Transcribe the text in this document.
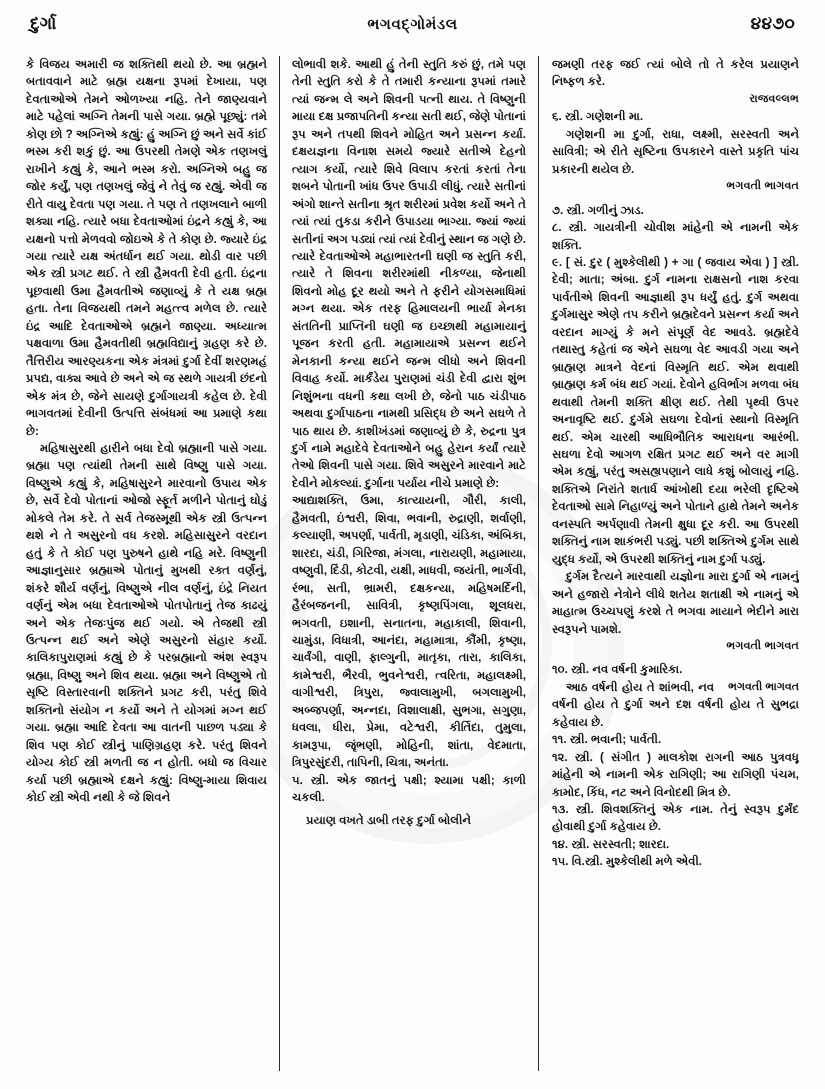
દુર્ગા	ભગવદ્ગોમંડલ	૪૪૭૦

કે વિજય અમારી જ શક્તિથી થયો છે. આ બ્રહ્મને બતાવવાને માટે બ્રહ્મ યક્ષના રૂપમાં દેખાયા, પણ દેવતાઓએ તેમને ઓળખ્યા નહિ. તેને જાણ્યવાને માટે પહેલાં અગ્નિ તેમની પાસે ગયા. બ્રહ્મે પૂછ્યું: તમે કોણ છો ? અગ્નિએ કહ્યું: હું અગ્નિ છું અને સર્વે કાંઈ ભસ્મ કરી શકું છું. આ ઉપરથી તેમણે એક તણખલું રાખીને કહ્યું કે, આને ભસ્મ કરો. અગ્નિએ બહુ જ જોર કર્યું, પણ તણખલું જેવું ને તેવું જ રહ્યું. એવી જ રીતે વાયુ દેવતા પણ ગયા. તે પણ તે તણખલાને બાળી શક્યા નહિ. ત્યારે બધા દેવતાઓમાં ઇંદ્રને કહ્યું કે, આ યક્ષનો પત્તો મેળવવો જોઇએ કે તે કોણ છે. જ્યારે ઇંદ્ર ગયા ત્યારે યક્ષ અંતર્ધાન થઈ ગયા. થોડી વાર પછી એક સ્ત્રી પ્રગટ થઈ. તે સ્ત્રી હૈમવતી દેવી હતી. ઇંદ્રના પૂછવાથી ઉમા હૈમવતીએ જણાવ્યું કે તે યક્ષ બ્રહ્મ હતા. તેના વિજયથી તમને મહત્ત્વ મળેલ છે. ત્યારે ઇંદ્ર આદિ દેવતાઓએ બ્રહ્મને જાણ્યા. અધ્યાત્મ પક્ષવાળા ઉમા હૈમવતીથી બ્રહ્મવિદ્યાનું ગ્રહણ કરે છે. તૈત્તિરીય આરણ્યકના એક મંત્રમાં દુર્ગા દેવીં શરણમહં પ્રપદ્ય, વાક્ય આવે છે અને એ જ સ્થળે ગાયત્રી છંદનો એક મંત્ર છે, જેને સાયણે દુર્ગાગાયત્રી કહેલ છે. દેવી ભાગવતમાં દેવીની ઉત્પત્તિ સંબંધમાં આ પ્રમાણે કથા છે:

મહિષાસુરથી હારીને બધા દેવો બ્રહ્માની પાસે ગયા. બ્રહ્મા પણ ત્યાંથી તેમની સાથે વિષ્ણુ પાસે ગયા. વિષ્ણુએ કહ્યું કે, મહિષાસુરને મારવાનો ઉપાય એક છે, સર્વે દેવો પોતાનાં ઓજો સ્ફૂર્ત મળીને પોતાનું ઘોડું મોકલે તેમ કરે. તે સર્વ તેજસ્મૂથી એક સ્ત્રી ઉત્પન્ન થશે ને તે અસુરનો વધ કરશે. મહિસાસુરને વરદાન હતું કે તે કોઈ પણ પુરુષને હાથે નહિ મરે. વિષ્ણુની આજ્ઞાનુસાર બ્રહ્માએ પોતાનું મુખથી રક્ત વર્ણનું, શંકરે શૌર્ય વર્ણનું, વિષ્ણુએ નીલ વર્ણનું, ઇંદ્રે નિયત વર્ણનું એમ બધા દેવતાઓએ પોતપોતાનું તેજ કાઢયું અને એક તેજઃપુંજ થઈ ગયો. એ તેજથી સ્ત્રી ઉત્પન્ન થઈ અને એણે અસુરનો સંહાર કર્યો. કાલિકાપુરાણમાં કહ્યું છે કે પરબ્રહ્માનો અંશ સ્વરૂપ બ્રહ્મા, વિષ્ણુ અને શિવ થયા. બ્રહ્મા અને વિષ્ણુએ તો સૃષ્ટિ વિસ્તારવાની શક્તિને પ્રગટ કરી, પરંતુ શિવે શક્તિનો સંયોગ ન કર્યો અને તે યોગમાં મગ્ન થઈ ગયા. બ્રહ્મા આદિ દેવતા આ વાતની પાછળ પડ્યા કે શિવ પણ કોઈ સ્ત્રીનું પાણિગ્રહણ કરે. પરંતુ શિવને યોગ્ય કોઈ સ્ત્રી મળતી જ ન હોતી. બધો જ વિચાર કર્યા પછી બ્રહ્માએ દક્ષને કહ્યું: વિષ્ણુ-માયા શિવાય કોઈ સ્ત્રી એવી નથી કે જે શિવને

લોભાવી શકે. આથી હું તેની સ્તુતિ કરું છું, તમે પણ તેની સ્તુતિ કરો કે તે તમારી કન્યાના રૂપમાં તમારે ત્યાં જન્મ લે અને શિવની પત્ની થાય. તે વિષ્ણુની માયા દક્ષ પ્રજાપતિની કન્યા સતી થઈ, જેણે પોતાનાં રૂપ અને તપથી શિવને મોહિત અને પ્રસન્ન કર્યા. દક્ષયજ્ઞના વિનાશ સમયે જ્યારે સતીએ દેહનો ત્યાગ કર્યો, ત્યારે શિવે વિલાપ કરતાં કરતાં તેના શબને પોતાની ખાંધ ઉપર ઉપાડી લીધું. ત્યારે સતીનાં અંગો શાન્તે સતીના શ્રૃત શરીરમાં પ્રવેશ કર્યો અને તે ત્યાં ત્યાં તુકડા કરીને ઉપાડયા ભાગ્યા. જ્યાં જ્યાં સતીનાં અગ પડ્યાં ત્યાં ત્યાં દેવીનું સ્થાન જ ગણે છે. ત્યારે દેવતાઓએ મહાભારતની ઘણી જ સ્તુતિ કરી, ત્યારે તે શિવના શરીરમાંથી નીકળ્યા, જેનાથી શિવનો મોહ દૂર થયો અને તે ફરીને યોગસમાધિમાં મગ્ન થયા. એક તરફ હિમાલયની ભાર્યા મેનકા સંતતિની પ્રાપ્તિની ઘણી જ ઇચ્છાથી મહામાયાનું પૂજન કરતી હતી. મહામાયાએ પ્રસન્ન થઈને મેનકાની કન્યા થઈને જન્મ લીધો અને શિવની વિવાહ કર્યો. માર્કંડેય પુરાણમાં ચંડી દેવી દ્વારા શુંભ નિશુંભના વધની કથા લખી છે, જેનો પાઠ ચંડીપાઠ અથવા દુર્ગાપાઠના નામથી પ્રસિદ્ધ છે અને સઘળે તે પાઠ થાય છે. કાશીખંડમાં જણાવ્યું છે કે, રુદ્રના પુત્ર દુર્ગ નામે મહાદેવે દેવતાઓને બહુ હેરાન કર્યાં ત્યારે તેઓ શિવની પાસે ગયા. શિવે અસુરને મારવાને માટે દેવીને મોકલ્યાં. દુર્ગાના પર્યાય નીચે પ્રમાણે છે:

આદ્યાશક્તિ, ઉમા, કાત્યાયની, ગૌરી, કાલી, હૈમવતી, ઇંશ્વરી, શિવા, ભવાની, રુદ્રાણી, શર્વાણી, કલ્યાણી, અપર્ણા, પાર્વતી, મૃડાણી, ચંડિકા, અંબિકા, શારદા, ચંડી, ગિરિજા, મંગલા, નારાયણી, મહામાયા, વષ્ણુવી, દિંડી, કોટવી, યક્ષી, માધવી, જયંતી, ભાર્ગવી, રંભા, સતી, ભ્રામરી, દક્ષકન્યા, મહિષમર્દિની, હૈરંબજનની, સાવિત્રી, કૃષ્ણપિંગલા, શૂલધરા, ભગવતી, ઇશાની, સનાતના, મહાકાલી, શિવાની, ચામુંડા, વિધાત્રી, આનંદા, મહામાત્રા, કૌંમી, કૃષ્ણા, ચાર્વંગી, વાણી, ફાલ્ગુની, માતૃકા, તારા, કાલિકા, કામેશ્વરી, ભૈરવી, ભુવનેશ્વરી, ત્વરિતા, મહાલક્ષ્મી, વાગીશ્વરી, ત્રિપુરા, જ્વાલામુખી, બગલામુખી, અબ્જપર્ણા, અન્નદા, વિશાલાક્ષી, સુભગા, સગુણા, ધવલા, ધીરા, પ્રેમા, વટેશ્વરી, કીર્તિદા, તુમુલા, કામરૂપા, જૃંભણી, મોહિની, શાંતા, વેદમાતા, ત્રિપુરસુંદરી, તાપિની, ચિત્રા, અનંતા.

૫. સ્ત્રી. એક જાતનું પક્ષી; શ્યામા પક્ષી; કાળી ચકલી.

પ્રયાણ વખતે ડાબી તરફ દુર્ગા બોલીને

જમણી તરફ જઈ ત્યાં બોલે તો તે કરેલ પ્રયાણને નિષ્ફળ કરે.

રાજવલ્લભ

૬. સ્ત્રી. ગણેશની મા.

ગણેશની મા દુર્ગા, રાધા, લક્ષ્મી, સરસ્વતી અને સાવિત્રી; એ રીતે સૃષ્ટિના ઉપકારને વાસ્તે પ્રકૃતિ પાંચ પ્રકારની થયેલ છે.

ભગવતી ભાગવત

૭. સ્ત્રી. ગળીનું ઝાડ.

૮. સ્ત્રી. ગાયત્રીની ચોવીશ માંહેની એ નામની એક શક્તિ.

૯. [ સં. દુર ( મુશ્કેલીથી ) + ગા ( જવાય એવા ) ] સ્ત્રી. દેવી; માતા; અંબા. દુર્ગ નામના રાક્ષસનો નાશ કરવા પાર્વતીએ શિવની આજ્ઞાથી રૂપ ધર્યું હતું. દુર્ગ અથવા દુર્ગમાસુર એણે તપ કરીને બ્રહ્મદેવને પ્રસન્ન કર્યા અને વરદાન માગ્યું કે મને સંપૂર્ણ વેદ આવડે. બ્રહ્મદેવે તથાસ્તુ કહેતાં જ એને સઘળા વેદ આવડી ગયા અને બ્રાહ્મણ માત્રને વેદનાં વિસ્મૃતિ થઈ. એમ થવાથી બ્રાહ્મણ કર્મ બંધ થઈ ગયાં. દેવોને હવિર્ભાગ મળવા બંધ થવાથી તેમની શક્તિ ક્ષીણ થઈ. તેથી પૃથ્વી ઉપર અનાવૃષ્ટિ થઈ. દુર્ગમે સઘળા દેવોનાં સ્થાનો વિસ્મૃતિ થઈ. એમ ચારથી આધિભૌતિક આરાધના આરંભી. સઘળા દેવો આગળ રક્ષિત પ્રગટ થઈ અને વર માગી એમ કહ્યું, પરંતુ અસહ્યપણાને લાધે કશું બોલાયું નહિ. શક્તિએ નિરાંતે શતાર્ધ આંખોથી દયા ભરેલી દૃષ્ટિએ દેવતાઓ સામે નિહાળ્યું અને પોતાને હાથે તેમને અનેક વનસ્પતિ અર્પણાવી તેમની ક્ષુધા દૂર કરી. આ ઉપરથી શક્તિનું નામ શાકંભરી પડ્યું. પછી શક્તિએ દુર્ગમ સાથે યુદ્ધ કર્યો, એ ઉપરથી શક્તિનું નામ દુર્ગા પડ્યું.

દુર્ગમ દૈત્યને મારવાથી યજ્ઞોના મારા દુર્ગા એ નામનું અને હજારો નેત્રોને લીધે શતેય શતાક્ષી એ નામનું એ માહાત્મ ઉચ્ચપણું કરશે તે ભગવા માયાને ભેદીને મારા સ્વરૂપને પામશે.

ભગવતી ભાગવત

૧૦. સ્ત્રી. નવ વર્ષની કુમારિકા.

ભગવતી ભાગવત
આઠ વર્ષની હોય તે શાંભવી, નવ વર્ષની હોય તે દુર્ગા અને દશ વર્ષની હોય તે સુભદ્રા કહેવાય છે.

૧૧. સ્ત્રી. ભવાની; પાર્વતી.

૧૨. સ્ત્રી. ( સંગીત ) માલકોશ રાગની આઠ પુત્રવધૂ માંહેની એ નામની એક રાગિણી; આ રાગિણી પંચમ, કામોદ, કિંધ, નટ અને વિનોદથી મિત્ર છે.

૧૩. સ્ત્રી. શિવશક્તિનું એક નામ. તેનું સ્વરૂપ દુર્મંદ હોવાથી દુર્ગા કહેવાય છે.

૧૪. સ્ત્રી. સરસ્વતી; શારદા.

૧૫. વિ.સ્ત્રી. મુશ્કેલીથી મળે એવી.
